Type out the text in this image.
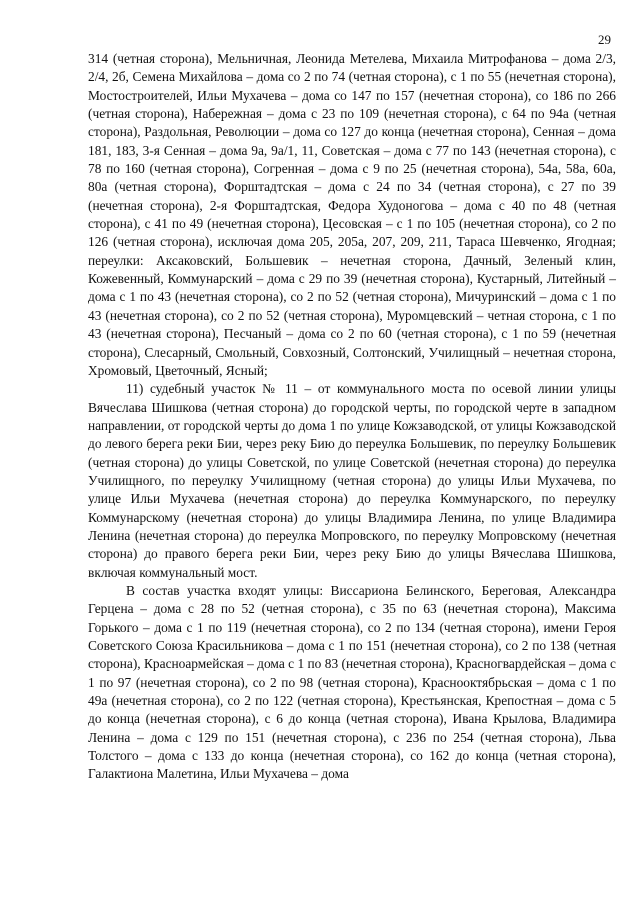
29

314 (четная сторона), Мельничная, Леонида Метелева, Михаила Митрофанова – дома 2/3, 2/4, 2б, Семена Михайлова – дома со 2 по 74 (четная сторона), с 1 по 55 (нечетная сторона), Мостостроителей, Ильи Мухачева – дома со 147 по 157 (нечетная сторона), со 186 по 266 (четная сторона), Набережная – дома с 23 по 109 (нечетная сторона), с 64 по 94а (четная сторона), Раздольная, Революции – дома со 127 до конца (нечетная сторона), Сенная – дома 181, 183, 3-я Сенная – дома 9а, 9а/1, 11, Советская – дома с 77 по 143 (нечетная сторона), с 78 по 160 (четная сторона), Согренная – дома с 9 по 25 (нечетная сторона), 54а, 58а, 60а, 80а (четная сторона), Форштадтская – дома с 24 по 34 (четная сторона), с 27 по 39 (нечетная сторона), 2-я Форштадтская, Федора Худоногова – дома с 40 по 48 (четная сторона), с 41 по 49 (нечетная сторона), Цесовская – с 1 по 105 (нечетная сторона), со 2 по 126 (четная сторона), исключая дома 205, 205а, 207, 209, 211, Тараса Шевченко, Ягодная; переулки: Аксаковский, Большевик – нечетная сторона, Дачный, Зеленый клин, Кожевенный, Коммунарский – дома с 29 по 39 (нечетная сторона), Кустарный, Литейный – дома с 1 по 43 (нечетная сторона), со 2 по 52 (четная сторона), Мичуринский – дома с 1 по 43 (нечетная сторона), со 2 по 52 (четная сторона), Муромцевский – четная сторона, с 1 по 43 (нечетная сторона), Песчаный – дома со 2 по 60 (четная сторона), с 1 по 59 (нечетная сторона), Слесарный, Смольный, Совхозный, Солтонский, Училищный – нечетная сторона, Хромовый, Цветочный, Ясный;

11) судебный участок № 11 – от коммунального моста по осевой линии улицы Вячеслава Шишкова (четная сторона) до городской черты, по городской черте в западном направлении, от городской черты до дома 1 по улице Кожзаводской, от улицы Кожзаводской до левого берега реки Бии, через реку Бию до переулка Большевик, по переулку Большевик (четная сторона) до улицы Советской, по улице Советской (нечетная сторона) до переулка Училищного, по переулку Училищному (четная сторона) до улицы Ильи Мухачева, по улице Ильи Мухачева (нечетная сторона) до переулка Коммунарского, по переулку Коммунарскому (нечетная сторона) до улицы Владимира Ленина, по улице Владимира Ленина (нечетная сторона) до переулка Мопровского, по переулку Мопровскому (нечетная сторона) до правого берега реки Бии, через реку Бию до улицы Вячеслава Шишкова, включая коммунальный мост.

В состав участка входят улицы: Виссариона Белинского, Береговая, Александра Герцена – дома с 28 по 52 (четная сторона), с 35 по 63 (нечетная сторона), Максима Горького – дома с 1 по 119 (нечетная сторона), со 2 по 134 (четная сторона), имени Героя Советского Союза Красильникова – дома с 1 по 151 (нечетная сторона), со 2 по 138 (четная сторона), Красноармейская – дома с 1 по 83 (нечетная сторона), Красногвардейская – дома с 1 по 97 (нечетная сторона), со 2 по 98 (четная сторона), Краснооктябрьская – дома с 1 по 49а (нечетная сторона), со 2 по 122 (четная сторона), Крестьянская, Крепостная – дома с 5 до конца (нечетная сторона), с 6 до конца (четная сторона), Ивана Крылова, Владимира Ленина – дома с 129 по 151 (нечетная сторона), с 236 по 254 (четная сторона), Льва Толстого – дома с 133 до конца (нечетная сторона), со 162 до конца (четная сторона), Галактиона Малетина, Ильи Мухачева – дома
